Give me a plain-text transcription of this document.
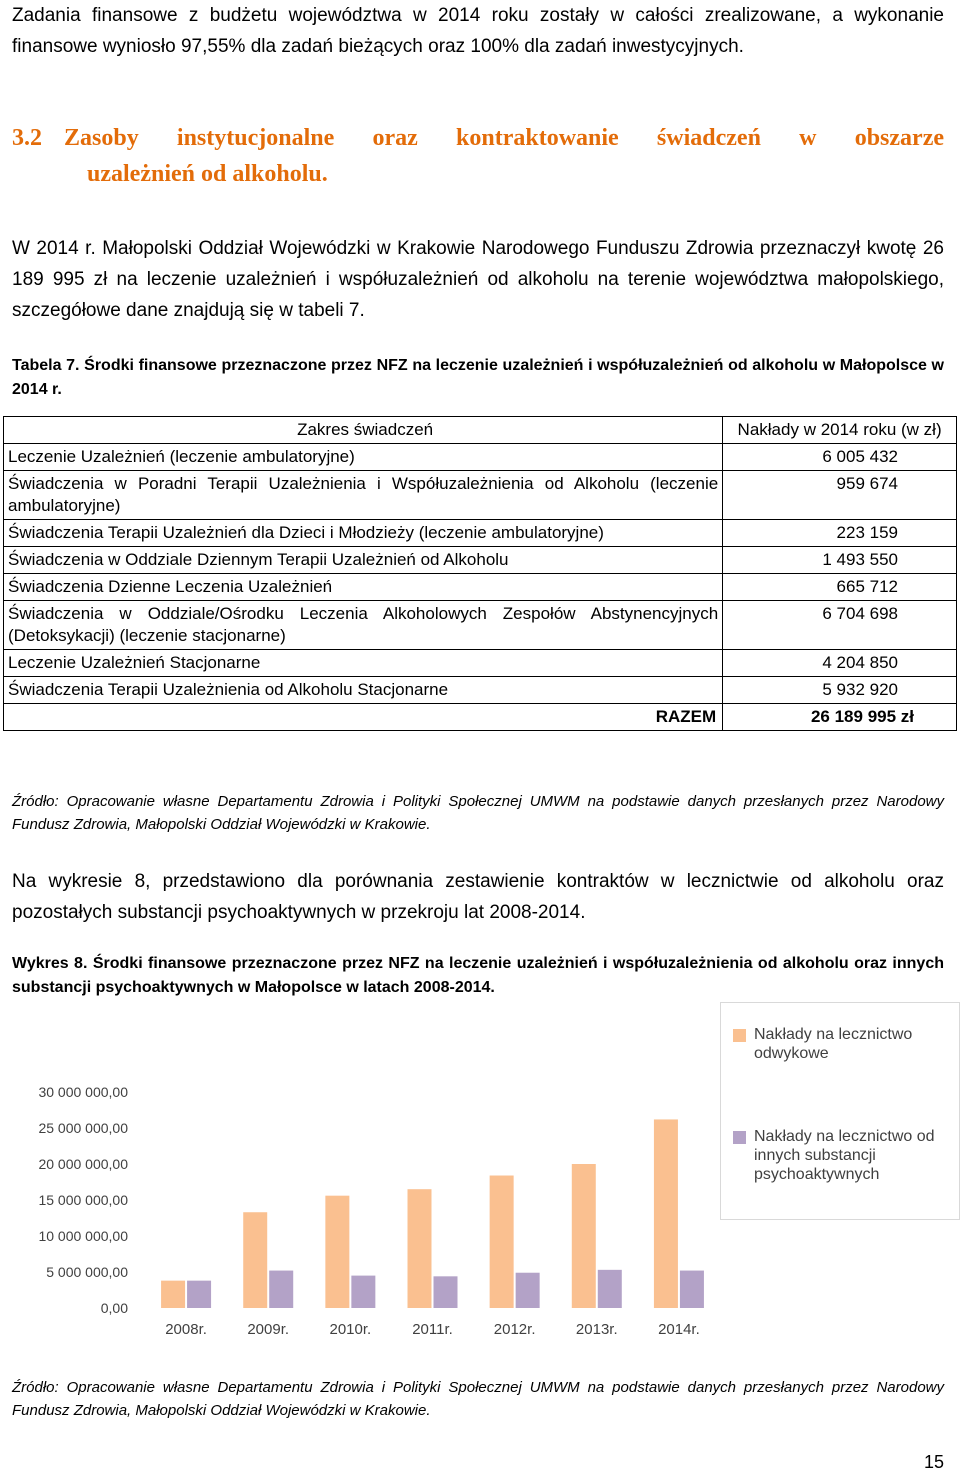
Zadania finansowe z budżetu województwa w 2014 roku zostały w całości zrealizowane, a wykonanie finansowe wyniosło 97,55% dla zadań bieżących oraz 100% dla zadań inwestycyjnych.
3.2 Zasoby instytucjonalne oraz kontraktowanie świadczeń w obszarze
uzależnień od alkoholu.
W 2014 r. Małopolski Oddział Wojewódzki w Krakowie Narodowego Funduszu Zdrowia przeznaczył kwotę 26 189 995 zł na leczenie uzależnień i współuzależnień od alkoholu na terenie województwa małopolskiego, szczegółowe dane znajdują się w tabeli 7.
Tabela 7. Środki finansowe przeznaczone przez NFZ na leczenie uzależnień i współuzależnień od alkoholu w Małopolsce w 2014 r.
Zakres świadczeń	Nakłady w 2014 roku (w zł)
Leczenie Uzależnień (leczenie ambulatoryjne)	6 005 432
Świadczenia w Poradni Terapii Uzależnienia i Współuzależnienia od Alkoholu (leczenie ambulatoryjne)	959 674
Świadczenia Terapii Uzależnień dla Dzieci i Młodzieży (leczenie ambulatoryjne)	223 159
Świadczenia w Oddziale Dziennym Terapii Uzależnień od Alkoholu	1 493 550
Świadczenia Dzienne Leczenia Uzależnień	665 712
Świadczenia w Oddziale/Ośrodku Leczenia Alkoholowych Zespołów Abstynencyjnych (Detoksykacji) (leczenie stacjonarne)	6 704 698
Leczenie Uzależnień Stacjonarne	4 204 850
Świadczenia Terapii Uzależnienia od Alkoholu Stacjonarne	5 932 920
RAZEM	26 189 995 zł
Źródło: Opracowanie własne Departamentu Zdrowia i Polityki Społecznej UMWM na podstawie danych przesłanych przez Narodowy Fundusz Zdrowia, Małopolski Oddział Wojewódzki w Krakowie.
Na wykresie 8, przedstawiono dla porównania zestawienie kontraktów w lecznictwie od alkoholu oraz pozostałych substancji psychoaktywnych w przekroju lat 2008-2014.
Wykres 8. Środki finansowe przeznaczone przez NFZ na leczenie uzależnień i współuzależnienia od alkoholu oraz innych substancji psychoaktywnych w Małopolsce w latach 2008-2014.
0,00
5 000 000,00
10 000 000,00
15 000 000,00
20 000 000,00
25 000 000,00
30 000 000,00
2008r.	2009r.	2010r.	2011r.	2012r.	2013r.	2014r.
Nakłady na lecznictwo odwykowe
Nakłady na lecznictwo od innych substancji psychoaktywnych
Źródło: Opracowanie własne Departamentu Zdrowia i Polityki Społecznej UMWM na podstawie danych przesłanych przez Narodowy Fundusz Zdrowia, Małopolski Oddział Wojewódzki w Krakowie.
15
